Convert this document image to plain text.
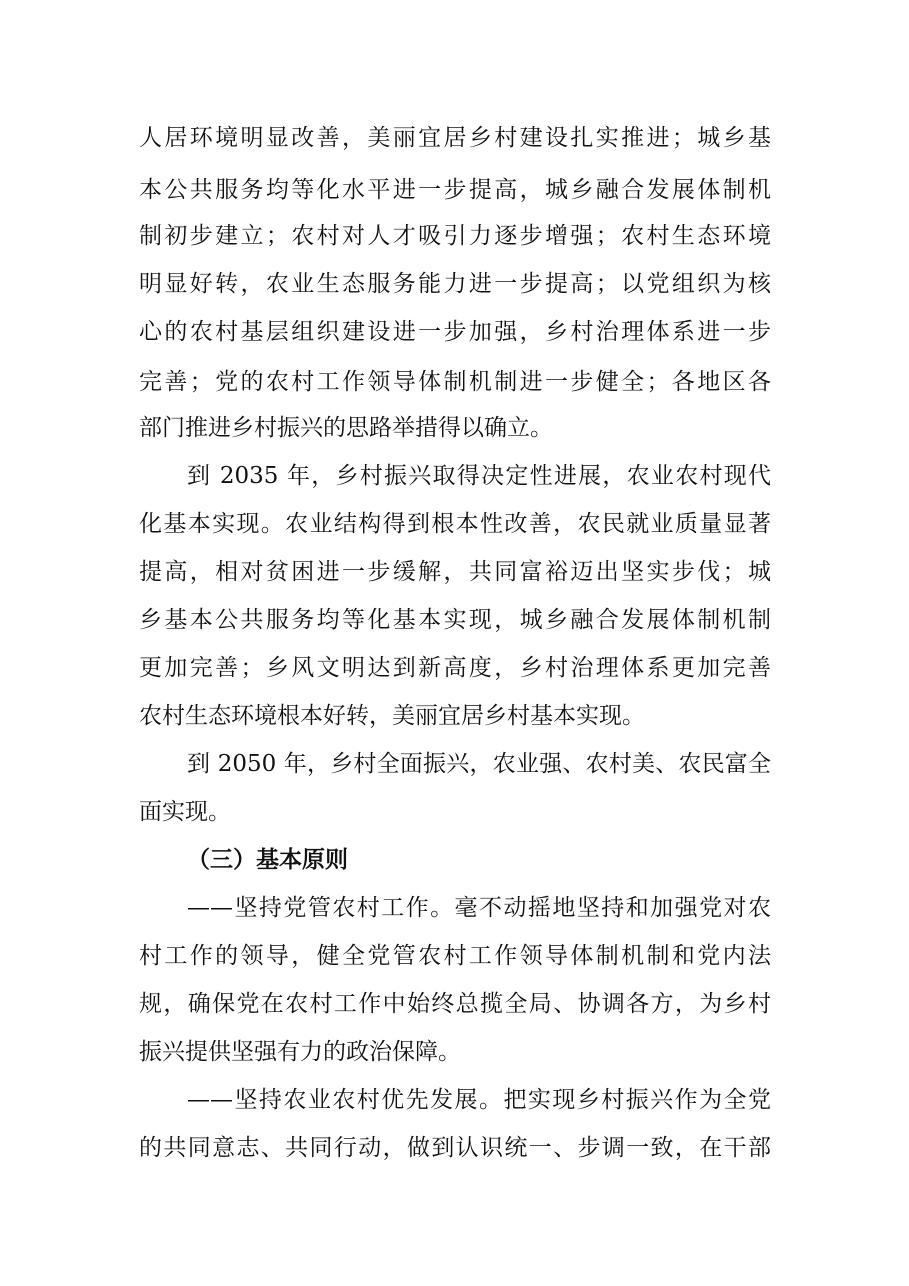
人居环境明显改善，美丽宜居乡村建设扎实推进；城乡基
本公共服务均等化水平进一步提高，城乡融合发展体制机
制初步建立；农村对人才吸引力逐步增强；农村生态环境
明显好转，农业生态服务能力进一步提高；以党组织为核
心的农村基层组织建设进一步加强，乡村治理体系进一步
完善；党的农村工作领导体制机制进一步健全；各地区各
部门推进乡村振兴的思路举措得以确立。
到 2035 年，乡村振兴取得决定性进展，农业农村现代
化基本实现。农业结构得到根本性改善，农民就业质量显著
提高，相对贫困进一步缓解，共同富裕迈出坚实步伐；城
乡基本公共服务均等化基本实现，城乡融合发展体制机制
更加完善；乡风文明达到新高度，乡村治理体系更加完善
农村生态环境根本好转，美丽宜居乡村基本实现。
到 2050 年，乡村全面振兴，农业强、农村美、农民富全
面实现。
（三）基本原则
——坚持党管农村工作。毫不动摇地坚持和加强党对农
村工作的领导，健全党管农村工作领导体制机制和党内法
规，确保党在农村工作中始终总揽全局、协调各方，为乡村
振兴提供坚强有力的政治保障。
——坚持农业农村优先发展。把实现乡村振兴作为全党
的共同意志、共同行动，做到认识统一、步调一致，在干部
